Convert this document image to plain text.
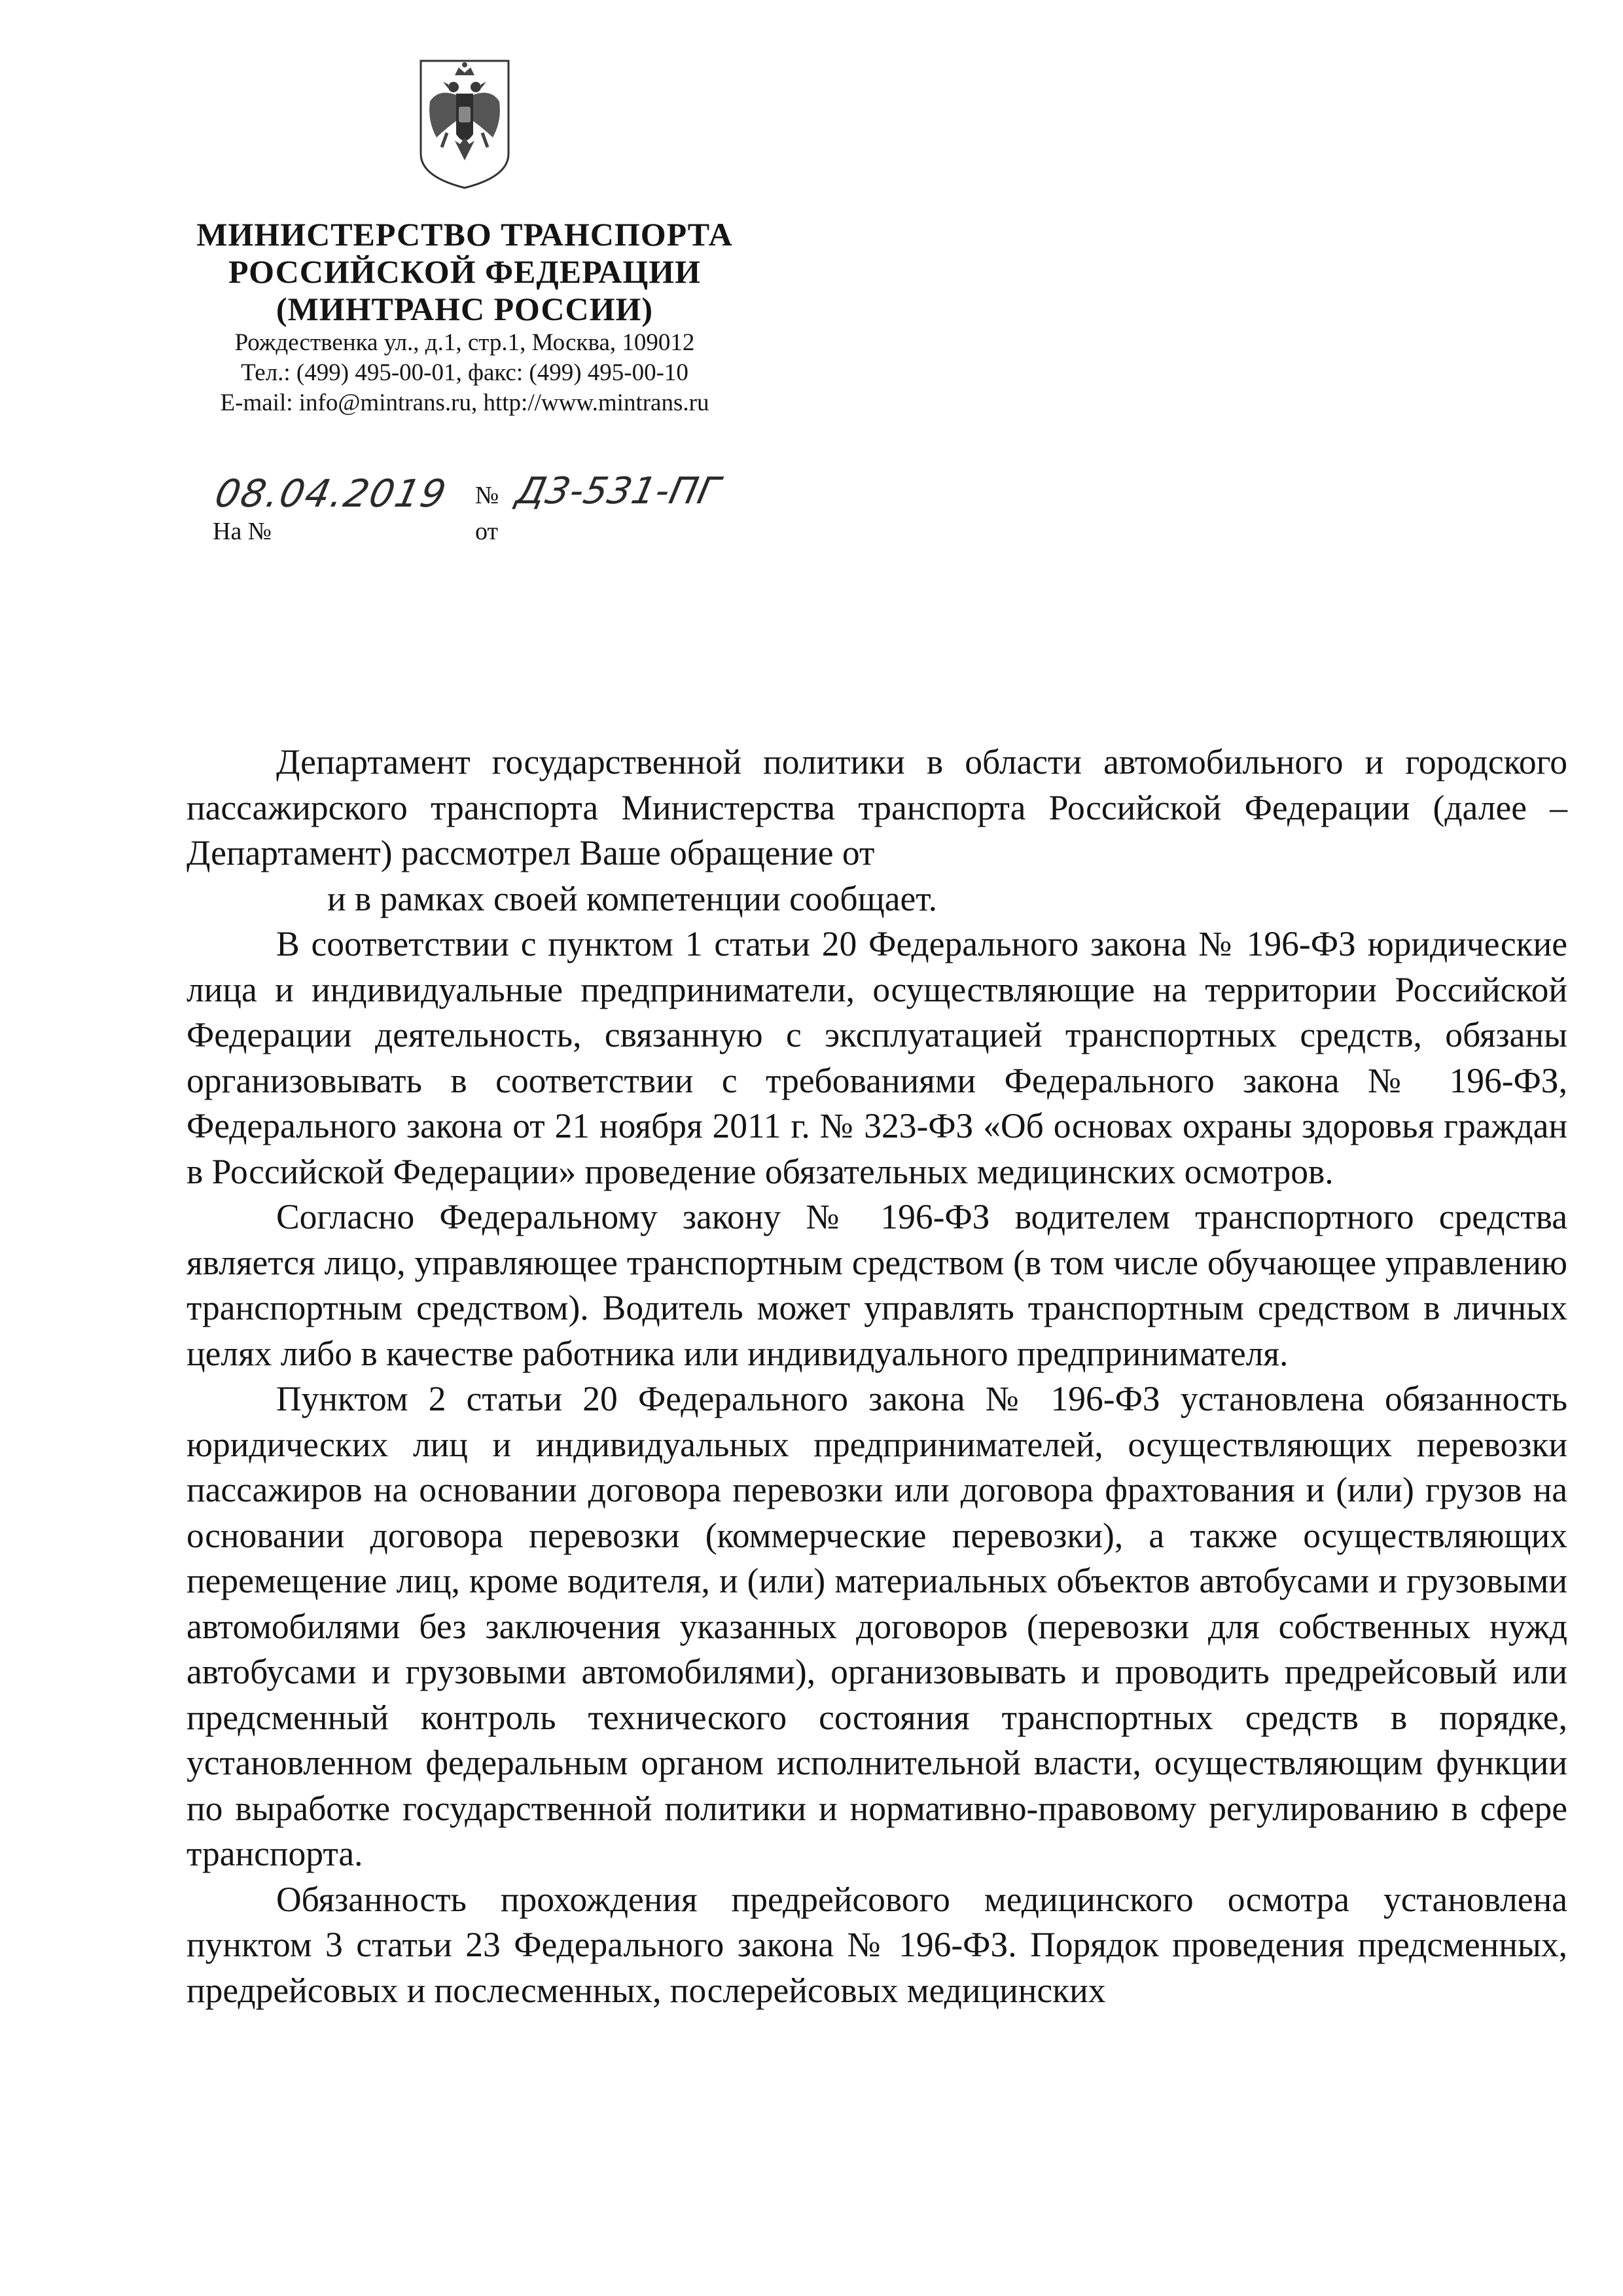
МИНИСТЕРСТВО ТРАНСПОРТА
РОССИЙСКОЙ ФЕДЕРАЦИИ
(МИНТРАНС РОССИИ)
Рождественка ул., д.1, стр.1, Москва, 109012
Тел.: (499) 495-00-01, факс: (499) 495-00-10
E-mail: info@mintrans.ru, http://www.mintrans.ru
08.04.2019 № Д3-531-ПГ
На №	от

Департамент государственной политики в области автомобильного и городского пассажирского транспорта Министерства транспорта Российской Федерации (далее – Департамент) рассмотрел Ваше обращение от

и в рамках своей компетенции сообщает.

В соответствии с пунктом 1 статьи 20 Федерального закона № 196-ФЗ юридические лица и индивидуальные предприниматели, осуществляющие на территории Российской Федерации деятельность, связанную с эксплуатацией транспортных средств, обязаны организовывать в соответствии с требованиями Федерального закона № 196-ФЗ, Федерального закона от 21 ноября 2011 г. № 323-ФЗ «Об основах охраны здоровья граждан в Российской Федерации» проведение обязательных медицинских осмотров.

Согласно Федеральному закону № 196-ФЗ водителем транспортного средства является лицо, управляющее транспортным средством (в том числе обучающее управлению транспортным средством). Водитель может управлять транспортным средством в личных целях либо в качестве работника или индивидуального предпринимателя.

Пунктом 2 статьи 20 Федерального закона № 196-ФЗ установлена обязанность юридических лиц и индивидуальных предпринимателей, осуществляющих перевозки пассажиров на основании договора перевозки или договора фрахтования и (или) грузов на основании договора перевозки (коммерческие перевозки), а также осуществляющих перемещение лиц, кроме водителя, и (или) материальных объектов автобусами и грузовыми автомобилями без заключения указанных договоров (перевозки для собственных нужд автобусами и грузовыми автомобилями), организовывать и проводить предрейсовый или предсменный контроль технического состояния транспортных средств в порядке, установленном федеральным органом исполнительной власти, осуществляющим функции по выработке государственной политики и нормативно-правовому регулированию в сфере транспорта.

Обязанность прохождения предрейсового медицинского осмотра установлена пунктом 3 статьи 23 Федерального закона № 196-ФЗ. Порядок проведения предсменных, предрейсовых и послесменных, послерейсовых медицинских
